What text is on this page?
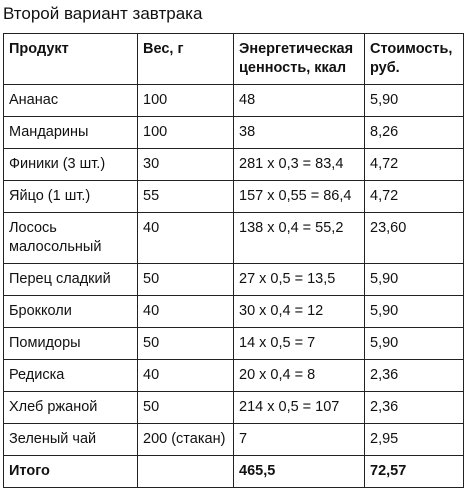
Второй вариант завтрака
Продукт	Вес, г	Энергетическая ценность, ккал	Стоимость, руб.
Ананас	100	48	5,90
Мандарины	100	38	8,26
Финики (3 шт.)	30	281 х 0,3 = 83,4	4,72
Яйцо (1 шт.)	55	157 х 0,55 = 86,4	4,72
Лосось малосольный	40	138 х 0,4 = 55,2	23,60
Перец сладкий	50	27 х 0,5 = 13,5	5,90
Брокколи	40	30 х 0,4 = 12	5,90
Помидоры	50	14 х 0,5 = 7	5,90
Редиска	40	20 х 0,4 = 8	2,36
Хлеб ржаной	50	214 х 0,5 = 107	2,36
Зеленый чай	200 (стакан)	7	2,95
Итого		465,5	72,57
